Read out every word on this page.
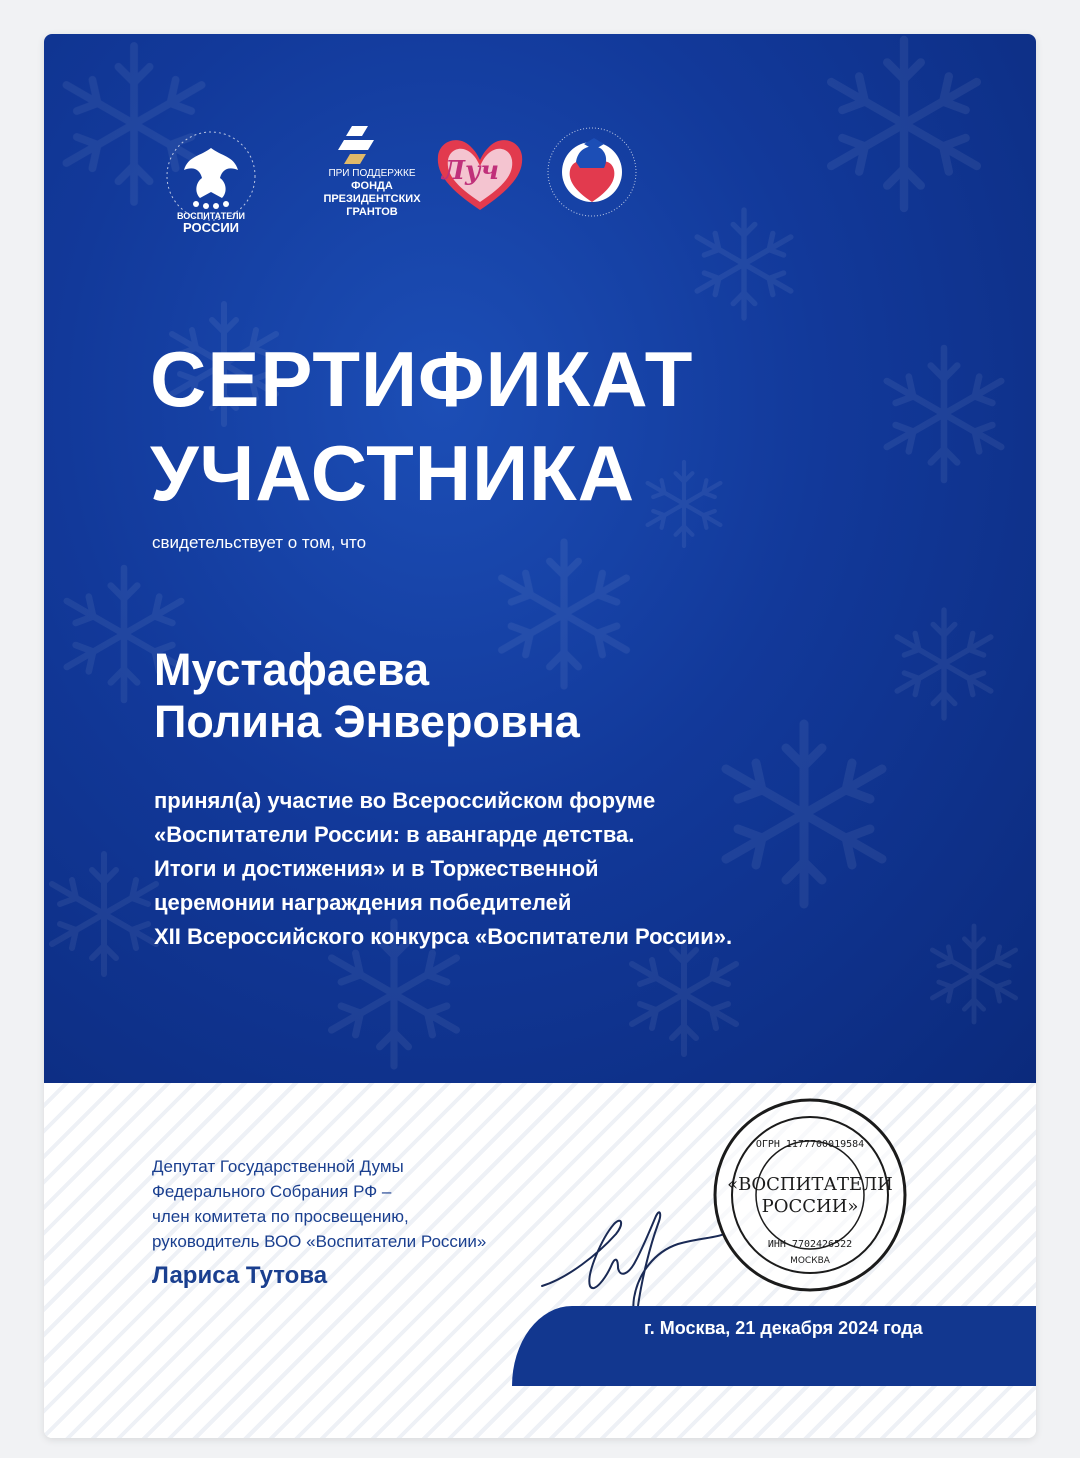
ВОСПИТАТЕЛИ
РОССИИ
ПРИ ПОДДЕРЖКЕ
ФОНДА
ПРЕЗИДЕНТСКИХ
ГРАНТОВ
Луч
СЕРТИФИКАТ
УЧАСТНИКА
свидетельствует о том, что
Мустафаева
Полина Энверовна
принял(а) участие во Всероссийском форуме
«Воспитатели России: в авангарде детства.
Итоги и достижения» и в Торжественной
церемонии награждения победителей
XII Всероссийского конкурса «Воспитатели России».
Депутат Государственной Думы
Федерального Собрания РФ –
член комитета по просвещению,
руководитель ВОО «Воспитатели России»
Лариса Тутова
«ВОСПИТАТЕЛИ
РОССИИ»
ОГРН 1177700019584
ИНН 7702426522
МОСКВА
г. Москва, 21 декабря 2024 года
